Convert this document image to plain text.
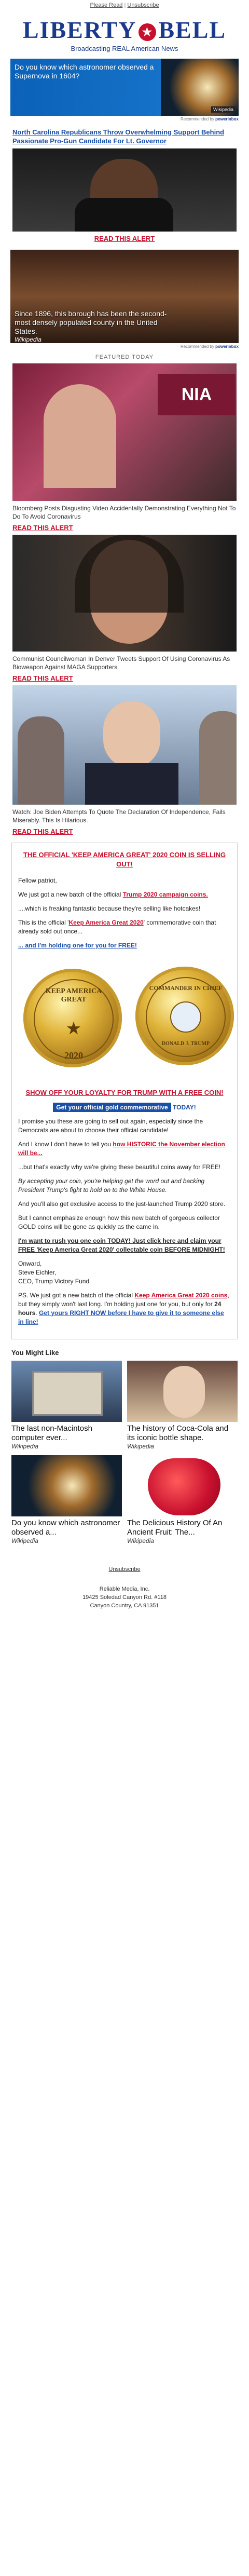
Please Read | Unsubscribe
LIBERTY ★ BELL
Broadcasting REAL American News
Do you know which astronomer observed a Supernova in 1604?
Wikipedia
Recommended by powerinbox
North Carolina Republicans Throw Overwhelming Support Behind Passionate Pro-Gun Candidate For Lt. Governor
READ THIS ALERT
Since 1896, this borough has been the second-most densely populated county in the United States.
Wikipedia
Recommended by powerinbox
FEATURED TODAY
NIA
Bloomberg Posts Disgusting Video Accidentally Demonstrating Everything Not To Do To Avoid Coronavirus
READ THIS ALERT
Communist Councilwoman In Denver Tweets Support Of Using Coronavirus As Bioweapon Against MAGA Supporters
READ THIS ALERT
Watch: Joe Biden Attempts To Quote The Declaration Of Independence, Fails Miserably. This Is Hilarious.
READ THIS ALERT
THE OFFICIAL 'KEEP AMERICA GREAT' 2020 COIN IS SELLING OUT!

Fellow patriot,

We just got a new batch of the official Trump 2020 campaign coins.

....which is freaking fantastic because they're selling like hotcakes!

This is the official 'Keep America Great 2020' commemorative coin that already sold out once...

... and I'm holding one for you for FREE!

KEEP AMERICA GREAT
★
2020
COMMANDER IN CHIEF
DONALD J. TRUMP
SHOW OFF YOUR LOYALTY FOR TRUMP WITH A FREE COIN!
Get your official gold commemorative TODAY!

I promise you these are going to sell out again, especially since the Democrats are about to choose their official candidate!

And I know I don't have to tell you how HISTORIC the November election will be...

...but that's exactly why we're giving these beautiful coins away for FREE!

By accepting your coin, you're helping get the word out and backing President Trump's fight to hold on to the White House.

And you'll also get exclusive access to the just-launched Trump 2020 store.

But I cannot emphasize enough how this new batch of gorgeous collector GOLD coins will be gone as quickly as the came in.

I'm want to rush you one coin TODAY! Just click here and claim your FREE 'Keep America Great 2020' collectable coin BEFORE MIDNIGHT!

Onward,
Steve Eichler,
CEO, Trump Victory Fund

PS. We just got a new batch of the official Keep America Great 2020 coins, but they simply won't last long. I'm holding just one for you, but only for 24 hours. Get yours RIGHT NOW before I have to give it to someone else in line!

You Might Like
The last non-Macintosh computer ever...
Wikipedia
The history of Coca-Cola and its iconic bottle shape.
Wikipedia
Do you know which astronomer observed a...
Wikipedia
The Delicious History Of An Ancient Fruit: The...
Wikipedia
Unsubscribe
Reliable Media, Inc.
19425 Soledad Canyon Rd. #118
Canyon Country, CA 91351
